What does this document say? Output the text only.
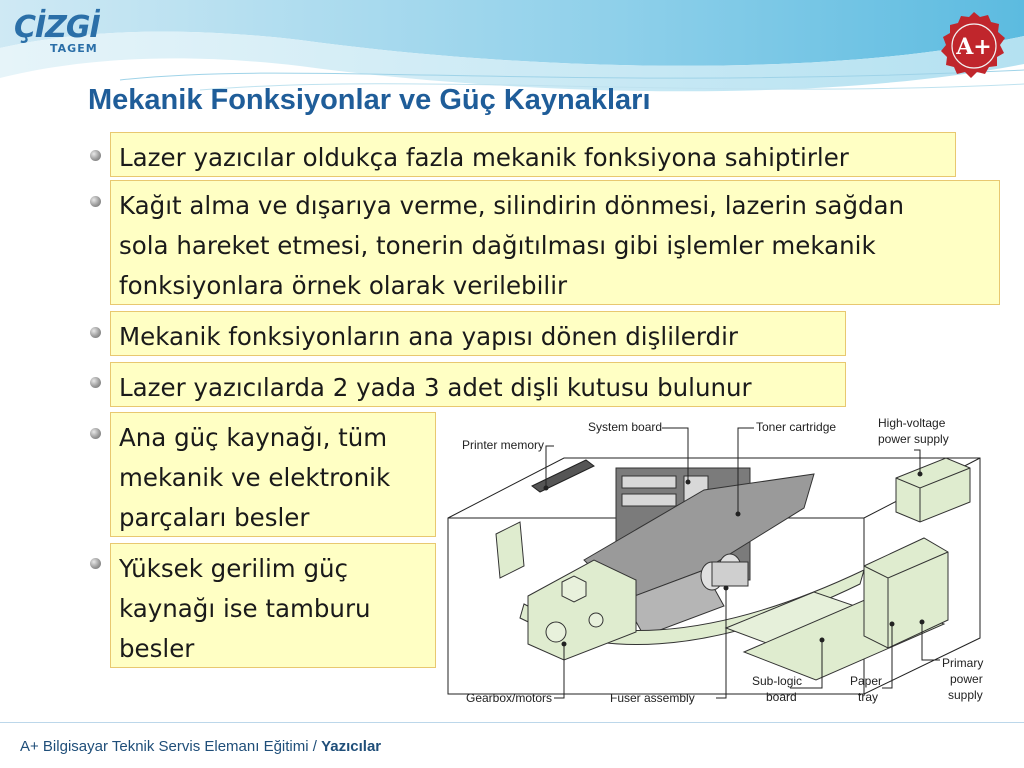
ÇİZGİ
TAGEM	A+
Mekanik Fonksiyonlar ve Güç Kaynakları
Lazer yazıcılar oldukça fazla mekanik fonksiyona sahiptirler
Kağıt alma ve dışarıya verme, silindirin dönmesi, lazerin sağdan
sola hareket etmesi, tonerin dağıtılması gibi işlemler mekanik
fonksiyonlara örnek olarak verilebilir
Mekanik fonksiyonların ana yapısı dönen dişlilerdir
Lazer yazıcılarda 2 yada 3 adet dişli kutusu bulunur
Ana güç kaynağı, tüm
mekanik ve elektronik
parçaları besler
Yüksek gerilim güç
kaynağı ise tamburu
besler
System board	Toner cartridge	High-voltage
power supply
Printer memory
Gearbox/motors	Fuser assembly
Sub-logic
board
Paper
tray
Primary
power
supply
A+ Bilgisayar Teknik Servis Elemanı Eğitimi / Yazıcılar
